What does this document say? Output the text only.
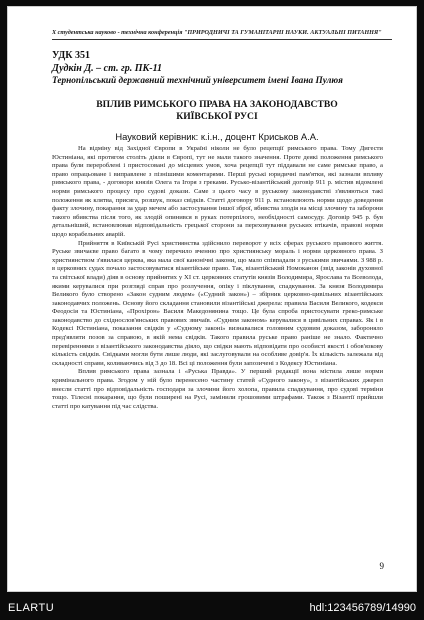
Х студентська науково - технічна конференція "ПРИРОДНИЧІ ТА ГУМАНІТАРНІ НАУКИ. АКТУАЛЬНІ ПИТАННЯ"
УДК 351
Дудкін Д. – ст. гр. ПК-11
Тернопільський державний технічний університет імені Івана Пулюя
ВПЛИВ РИМСЬКОГО ПРАВА НА ЗАКОНОДАВСТВО
КИЇВСЬКОЇ РУСІ
Науковий керівник: к.і.н., доцент Криськов А.А.

На відміну від Західної Європи в Україні ніколи не було рецепції римського права. Тому Дигести Юстиніана, які протягом століть діяли в Європі, тут не мали такого значення. Проте деякі положення римського права були перероблені і пристосовані до місцевих умов, хоча рецепції тут піддавали не саме римське право, а право опрацьоване і виправлене з пізнішими коментарями. Перші руські юридичні пам'ятки, які зазнали впливу римського права, - договори князів Олега та Ігоря з греками. Русько-візантійський договір 911 р. містив відомлені норми римського процесу про судові докази. Саме з цього часу в руському законодавстві з'являються такі положення як клятва, присяга, розшук, показ свідків. Статті договору 911 р. встановлюють норми щодо доведення факту злочину, покарання за удар мечем або застосування іншої зброї, вбивства злодія на місці злочину та заборони такого вбивства після того, як злодій опинився в руках потерпілого, необхідності самосуду. Договір 945 р. був детальніший, встановлював відповідальність грецької сторони за переховування руських втікачів, правові норми щодо корабельних аварій.

Прийняття в Київській Русі християнства здійснило переворот у всіх сферах руського правового життя. Руське звичаєве право багато в чому перечило вченню про християнську мораль і норми церковного права. З християнством з'явилася церква, яка мала свої канонічні закони, що мало співпадали з руськими звичаями. З 988 р. в церковних судах почало застосовуватися візантійське право. Так, візантійський Номоканон (звід законів духовної та світської влади) діяв в основу прийнятих у XI ст. церковних статутів князів Володимира, Ярослава та Всеволода, якими керувалися при розгляді справ про розлучення, опіку і піклування, спадкування. За князя Володимира Великого було створено «Закон судним людем» («Судний закон») – збірник церковно-цивільних візантійських законодавчих положень. Основу його складання становили візантійські джерела: правила Василя Великого, кодекси Феодосія та Юстиніана, «Прохірон» Василя Македонянина тощо. Це була спроба пристосувати греко-римське законодавство до східнослов'янських правових звичаїв. «Судним законом» керувалися в цивільних справах. Як і в Кодексі Юстиніана, показання свідків у «Судному законі» визнавалися головним судовим доказом, забороняло пред'являти позов за справою, в якій нема свідків. Такого правила руське право раніше не знало. Фактично перевіреннями з візантійського законодавства діяло, що свідки мають відповідати про особисті якості і обов'язкову кількість свідків. Свідками могли бути лише люди, які заслуговували на особливе довір'я. Їх кількість залежала від складності справи, коливаючись від 3 до 18. Всі ці положення були запозичені з Кодексу Юстиніана.

Вплив римського права зазнала і «Руська Правда». У перший редакції вона містила лише норми кримінального права. Згодом у ній було перенесено частину статей «Судного закону», з візантійських джерел внесли статті про відповідальність господаря за злочини його холопа, правила спадкування, про судові терміни тощо. Тілесні покарання, що були поширені на Русі, замінили грошовими штрафами. Також з Візантії прийшли статті про катування під час слідства.

9
ELARTU	hdl:123456789/14990
